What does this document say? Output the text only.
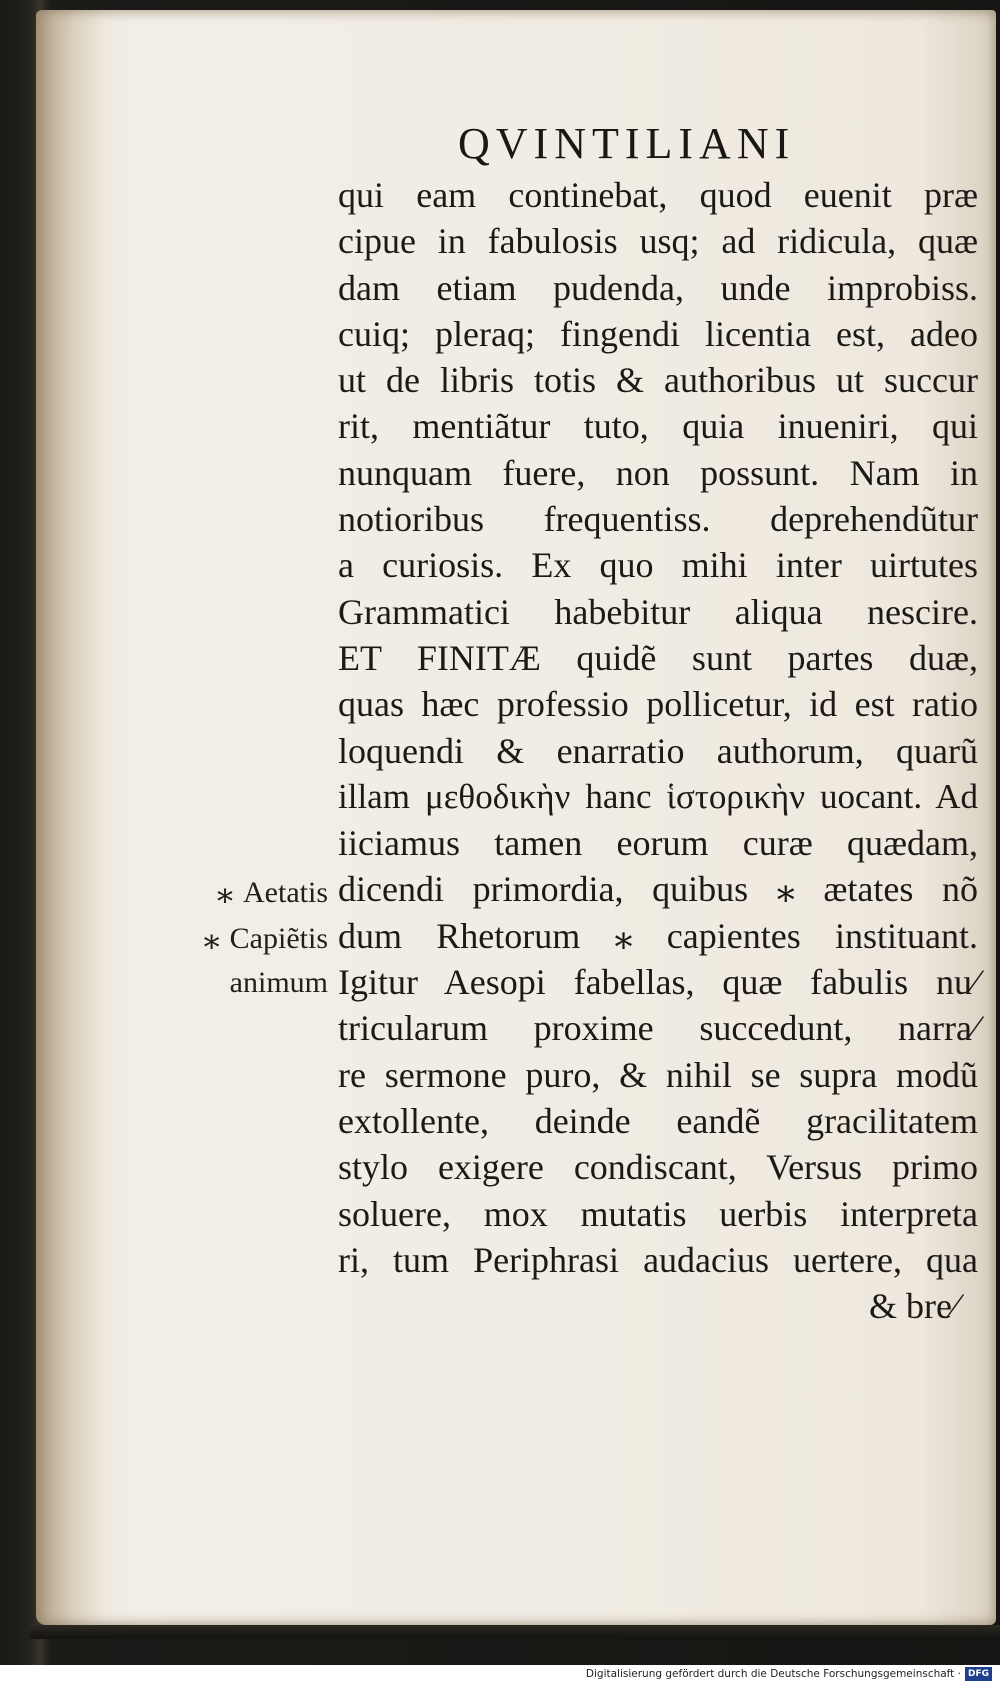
QVINTILIANI
qui eam continebat, quod euenit præ
cipue in fabulosis usq; ad ridicula, quæ
dam etiam pudenda, unde improbiss.
cuiq; pleraq; fingendi licentia est, adeo
ut de libris totis & authoribus ut succur
rit, mentiãtur tuto, quia inueniri, qui
nunquam fuere, non possunt. Nam in
notioribus frequentiss. deprehendũtur
a curiosis. Ex quo mihi inter uirtutes
Grammatici habebitur aliqua nescire.
ET FINITÆ quidẽ sunt partes duæ,
quas hæc professio pollicetur, id est ratio
loquendi & enarratio authorum, quarũ
illam μεθοδικὴν hanc ἱστορικὴν uocant. Ad
iiciamus tamen eorum curæ quædam,
dicendi primordia, quibus ⁎ ætates nõ
dum Rhetorum ⁎ capientes instituant.
Igitur Aesopi fabellas, quæ fabulis nu⁄
tricularum proxime succedunt, narra⁄
re sermone puro, & nihil se supra modũ
extollente, deinde eandẽ gracilitatem
stylo exigere condiscant, Versus primo
soluere, mox mutatis uerbis interpreta
ri, tum Periphrasi audacius uertere, qua
& bre⁄
⁎ Aetatis
⁎ Capiẽtis
animum
Digitalisierung gefördert durch die Deutsche Forschungsgemeinschaft · DFG
